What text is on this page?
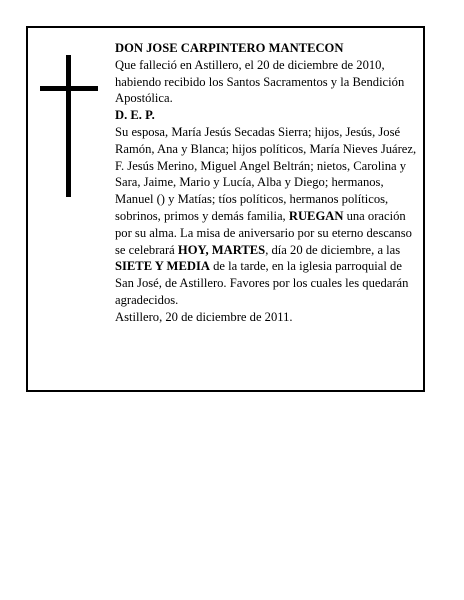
DON JOSE CARPINTERO MANTECON

Que falleció en Astillero, el 20 de diciembre de 2010, habiendo recibido los Santos Sacramentos y la Bendición Apostólica.

D. E. P.

Su esposa, María Jesús Secadas Sierra; hijos, Jesús, José Ramón, Ana y Blanca; hijos políticos, María Nieves Juárez, F. Jesús Merino, Miguel Angel Beltrán; nietos, Carolina y Sara, Jaime, Mario y Lucía, Alba y Diego; hermanos, Manuel () y Matías; tíos políticos, hermanos políticos, sobrinos, primos y demás familia, RUEGAN una oración por su alma. La misa de aniversario por su eterno descanso se celebrará HOY, MARTES, día 20 de diciembre, a las SIETE Y MEDIA de la tarde, en la iglesia parroquial de San José, de Astillero. Favores por los cuales les quedarán agradecidos.

Astillero, 20 de diciembre de 2011.
